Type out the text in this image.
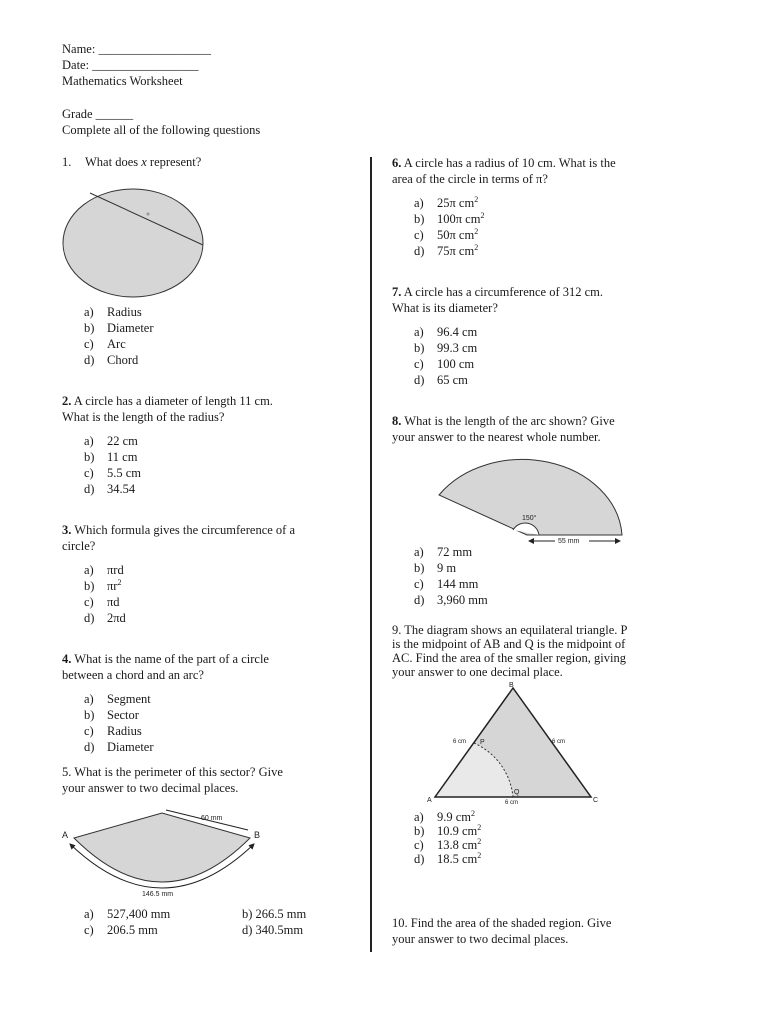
Name: __________________
Date: _________________
Mathematics Worksheet
Grade ______
Complete all of the following questions
1. What does x represent?
a) Radius
b) Diameter
c) Arc
d) Chord
2. A circle has a diameter of length 11 cm.
What is the length of the radius?
a) 22 cm
b) 11 cm
c) 5.5 cm
d) 34.54
3. Which formula gives the circumference of a
circle?
a) πrd
b) $\pi r^2$
c) πd
d) 2πd
4. What is the name of the part of a circle
between a chord and an arc?
a) Segment
b) Sector
c) Radius
d) Diameter
5. What is the perimeter of this sector? Give
your answer to two decimal places.
A	B
60 mm
146.5 mm
a) 527,400 mm
c) 206.5 mm
b) 266.5 mm
d) 340.5mm
6. A circle has a radius of 10 cm. What is the
area of the circle in terms of π?
a) 25π $cm^2$
b) 100π $cm^2$
c) 50π $cm^2$
d) 75π $cm^2$
7. A circle has a circumference of 312 cm.
What is its diameter?
a) 96.4 cm
b) 99.3 cm
c) 100 cm
d) 65 cm
8. What is the length of the arc shown? Give
your answer to the nearest whole number.
150°
55 mm
a) 72 mm
b) 9 m
c) 144 mm
d) 3,960 mm
9. The diagram shows an equilateral triangle. P
is the midpoint of AB and Q is the midpoint of
AC. Find the area of the smaller region, giving
your answer to one decimal place.
B
P
A
Q
C
6 cm	6 cm
6 cm
a) 9.9 $cm^2$
b) 10.9 $cm^2$
c) 13.8 $cm^2$
d) 18.5 $cm^2$
10. Find the area of the shaded region. Give
your answer to two decimal places.
